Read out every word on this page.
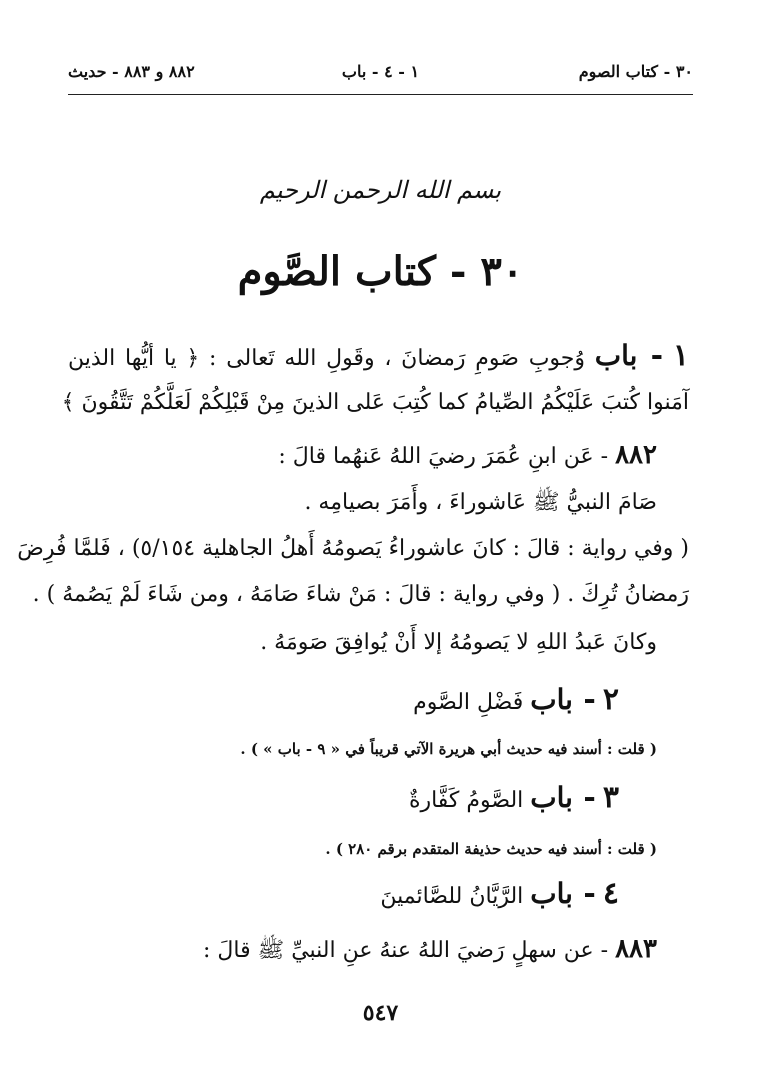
٣٠ - كتاب الصوم
١ - ٤ - باب
٨٨٢ و ٨٨٣ - حديث
بسم الله الرحمن الرحيم
٣٠ - كتاب الصَّوم
١ - باب وُجوبِ صَومِ رَمضانَ ، وقَولِ الله تَعالى : ﴿ يا أيُّها الذين
آمَنوا كُتبَ عَلَيْكُمُ الصِّيامُ كما كُتِبَ عَلى الذينَ مِنْ قَبْلِكُمْ لَعَلَّكُمْ تَتَّقُونَ ﴾
٨٨٢ - عَن ابنِ عُمَرَ رضيَ اللهُ عَنهُما قالَ :
صَامَ النبيُّ ﷺ عَاشوراءَ ، وأَمَرَ بصيامِه .
( وفي رواية : قالَ : كانَ عاشوراءُ يَصومُهُ أَهلُ الجاهلية ٥/١٥٤) ، فَلمَّا فُرِضَ
رَمضانُ تُرِكَ . ( وفي رواية : قالَ : مَنْ شاءَ صَامَهُ ، ومن شَاءَ لَمْ يَصُمهُ ) .
وكانَ عَبدُ اللهِ لا يَصومُهُ إلا أَنْ يُوافِقَ صَومَهُ .
٢ - باب فَضْلِ الصَّوم
( قلت : أسند فيه حديث أبي هريرة الآتي قريباً في « ٩ - باب » ) .
٣ - باب الصَّومُ كَفَّارةٌ
( قلت : أسند فيه حديث حذيفة المتقدم برقم ٢٨٠ ) .
٤ - باب الرَّيَّانُ للصَّائمينَ
٨٨٣ - عن سهلٍ رَضيَ اللهُ عنهُ عنِ النبيِّ ﷺ قالَ :
٥٤٧
